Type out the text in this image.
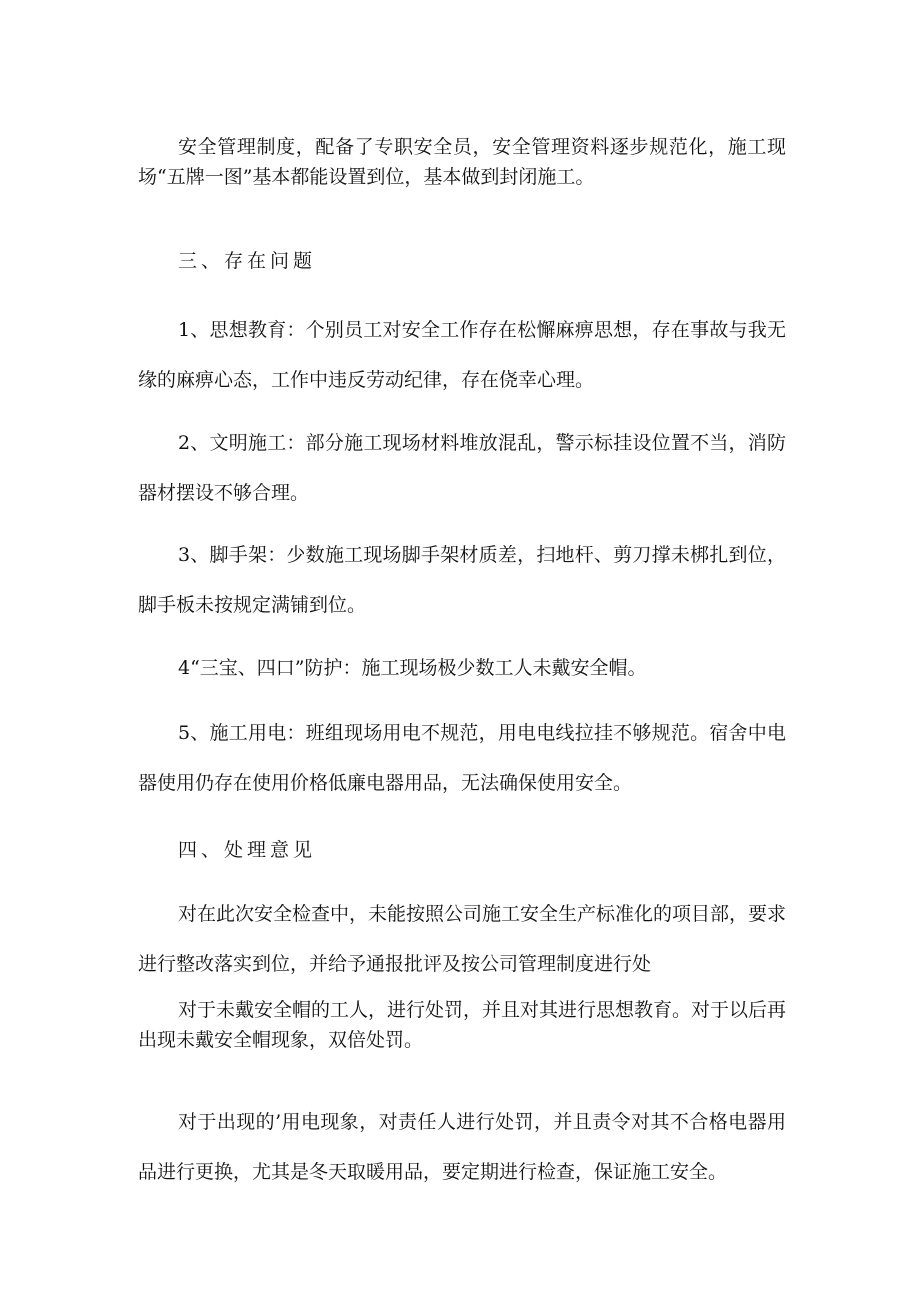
安全管理制度，配备了专职安全员，安全管理资料逐步规范化，施工现场“五牌一图”基本都能设置到位，基本做到封闭施工。

三、存在问题

1、思想教育：个别员工对安全工作存在松懈麻痹思想，存在事故与我无缘的麻痹心态，工作中违反劳动纪律，存在侥幸心理。

2、文明施工：部分施工现场材料堆放混乱，警示标挂设位置不当，消防器材摆设不够合理。

3、脚手架：少数施工现场脚手架材质差，扫地杆、剪刀撑未梆扎到位，脚手板未按规定满铺到位。

4“三宝、四口”防护：施工现场极少数工人未戴安全帽。

5、施工用电：班组现场用电不规范，用电电线拉挂不够规范。宿舍中电器使用仍存在使用价格低廉电器用品，无法确保使用安全。

四、处理意见

对在此次安全检查中，未能按照公司施工安全生产标准化的项目部，要求进行整改落实到位，并给予通报批评及按公司管理制度进行处

对于未戴安全帽的工人，进行处罚，并且对其进行思想教育。对于以后再出现未戴安全帽现象，双倍处罚。

对于出现的’用电现象，对责任人进行处罚，并且责令对其不合格电器用品进行更换，尤其是冬天取暖用品，要定期进行检查，保证施工安全。
